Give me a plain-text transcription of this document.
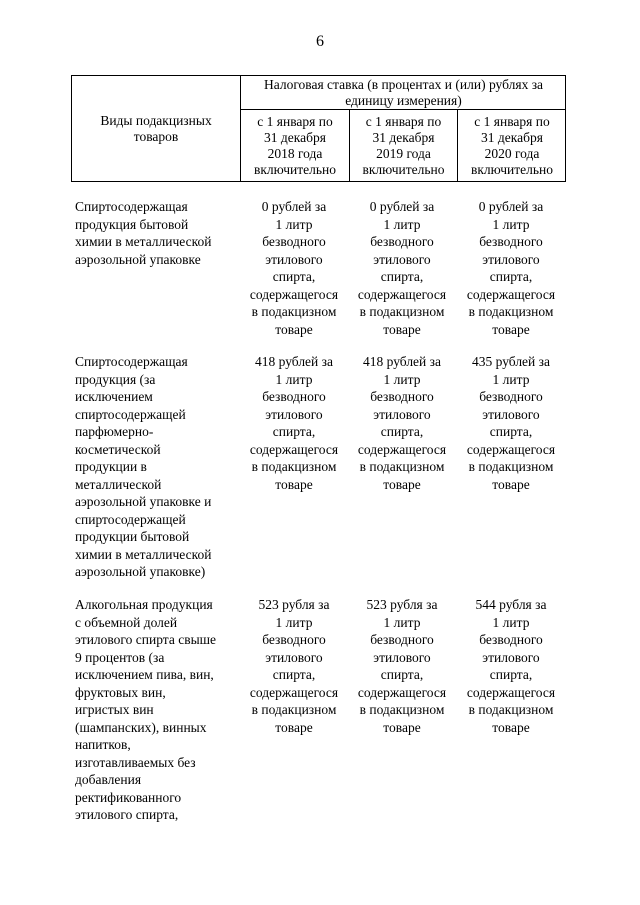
6
Виды подакцизных
товаров
Налоговая ставка (в процентах и (или) рублях за
единицу измерения)
с 1 января по
31 декабря
2018 года
включительно
с 1 января по
31 декабря
2019 года
включительно
с 1 января по
31 декабря
2020 года
включительно
Спиртосодержащая
продукция бытовой
химии в металлической
аэрозольной упаковке
0 рублей за
1 литр
безводного
этилового
спирта,
содержащегося
в подакцизном
товаре
0 рублей за
1 литр
безводного
этилового
спирта,
содержащегося
в подакцизном
товаре
0 рублей за
1 литр
безводного
этилового
спирта,
содержащегося
в подакцизном
товаре
Спиртосодержащая
продукция (за
исключением
спиртосодержащей
парфюмерно-
косметической
продукции в
металлической
аэрозольной упаковке и
спиртосодержащей
продукции бытовой
химии в металлической
аэрозольной упаковке)
418 рублей за
1 литр
безводного
этилового
спирта,
содержащегося
в подакцизном
товаре
418 рублей за
1 литр
безводного
этилового
спирта,
содержащегося
в подакцизном
товаре
435 рублей за
1 литр
безводного
этилового
спирта,
содержащегося
в подакцизном
товаре
Алкогольная продукция
с объемной долей
этилового спирта свыше
9 процентов (за
исключением пива, вин,
фруктовых вин,
игристых вин
(шампанских), винных
напитков,
изготавливаемых без
добавления
ректификованного
этилового спирта,
523 рубля за
1 литр
безводного
этилового
спирта,
содержащегося
в подакцизном
товаре
523 рубля за
1 литр
безводного
этилового
спирта,
содержащегося
в подакцизном
товаре
544 рубля за
1 литр
безводного
этилового
спирта,
содержащегося
в подакцизном
товаре
